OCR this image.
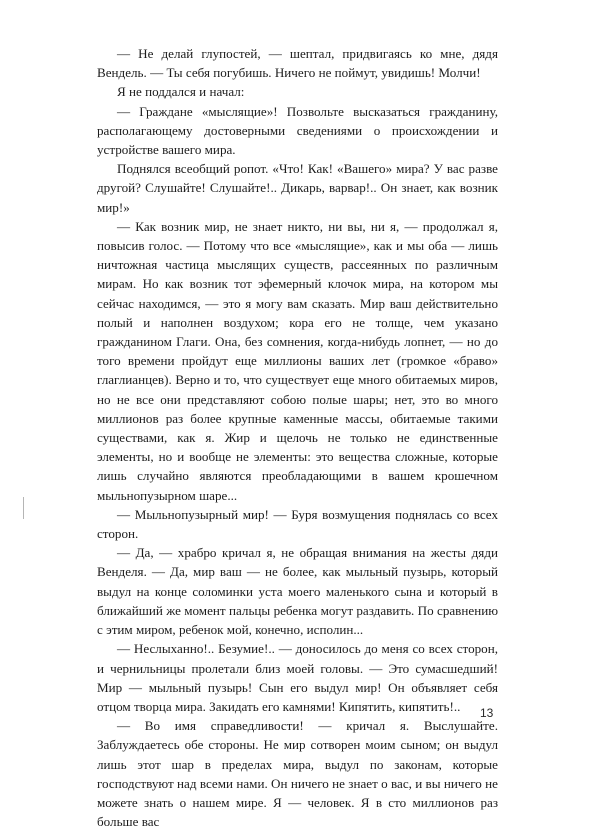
— Не делай глупостей, — шептал, придвигаясь ко мне, дядя Вендель. — Ты себя погубишь. Ничего не поймут, увидишь! Молчи!

Я не поддался и начал:

— Граждане «мыслящие»! Позвольте высказаться гражданину, располагающему достоверными сведениями о происхождении и устройстве вашего мира.

Поднялся всеобщий ропот. «Что! Как! «Вашего» мира? У вас разве другой? Слушайте! Слушайте!.. Дикарь, варвар!.. Он знает, как возник мир!»

— Как возник мир, не знает никто, ни вы, ни я, — продолжал я, повысив голос. — Потому что все «мыслящие», как и мы оба — лишь ничтожная частица мыслящих существ, рассеянных по различным мирам. Но как возник тот эфемерный клочок мира, на котором мы сейчас находимся, — это я могу вам сказать. Мир ваш действительно полый и наполнен воздухом; кора его не толще, чем указано гражданином Глаги. Она, без сомнения, когда-нибудь лопнет, — но до того времени пройдут еще миллионы ваших лет (громкое «браво» глаглианцев). Верно и то, что существует еще много обитаемых миров, но не все они представляют собою полые шары; нет, это во много миллионов раз более крупные каменные массы, обитаемые такими существами, как я. Жир и щелочь не только не единственные элементы, но и вообще не элементы: это вещества сложные, которые лишь случайно являются преобладающими в вашем крошечном мыльнопузырном шаре...

— Мыльнопузырный мир! — Буря возмущения поднялась со всех сторон.

— Да, — храбро кричал я, не обращая внимания на жесты дяди Венделя. — Да, мир ваш — не более, как мыльный пузырь, который выдул на конце соломинки уста моего маленького сына и который в ближайший же момент пальцы ребенка могут раздавить. По сравнению с этим миром, ребенок мой, конечно, исполин...

— Неслыханно!.. Безумие!.. — доносилось до меня со всех сторон, и чернильницы пролетали близ моей головы. — Это сумасшедший! Мир — мыльный пузырь! Сын его выдул мир! Он объявляет себя отцом творца мира. Закидать его камнями! Кипятить, кипятить!..

— Во имя справедливости! — кричал я. Выслушайте. Заблуждаетесь обе стороны. Не мир сотворен моим сыном; он выдул лишь этот шар в пределах мира, выдул по законам, которые господствуют над всеми нами. Он ничего не знает о вас, и вы ничего не можете знать о нашем мире. Я — человек. Я в сто миллионов раз больше вас

13
